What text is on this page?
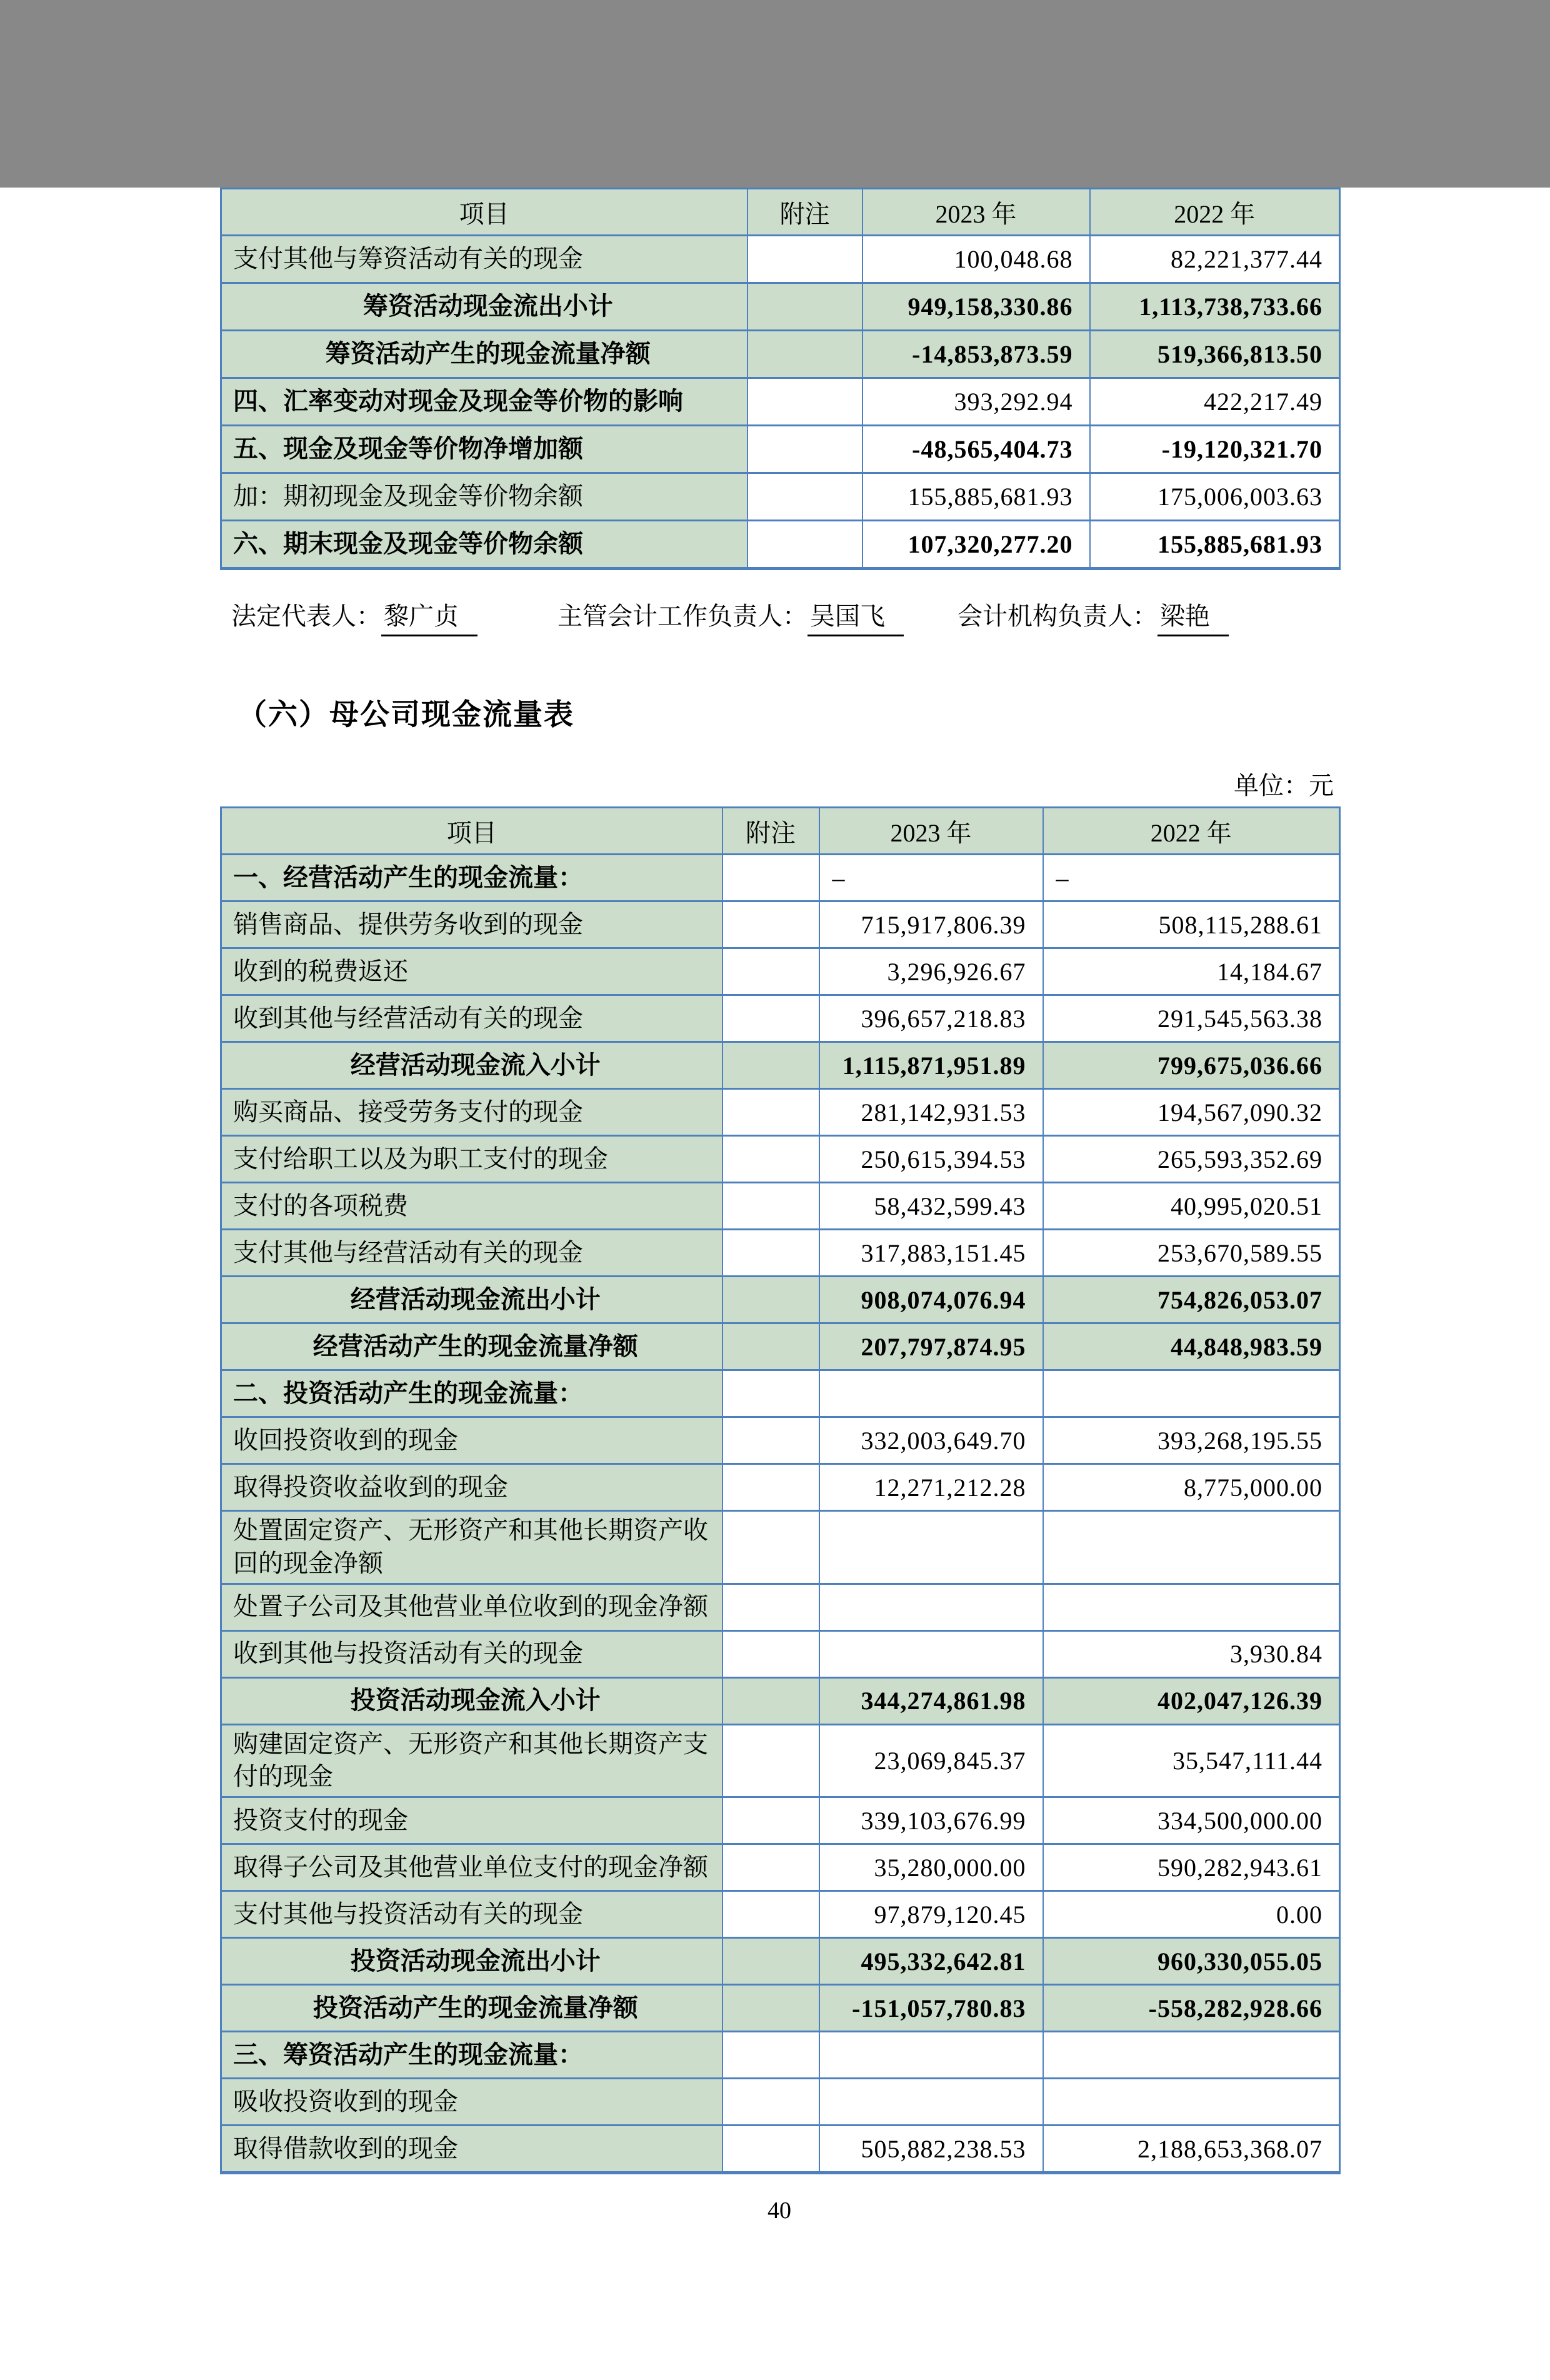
项目	附注	2023 年	2022 年
支付其他与筹资活动有关的现金		100,048.68	82,221,377.44
筹资活动现金流出小计		949,158,330.86	1,113,738,733.66
筹资活动产生的现金流量净额		-14,853,873.59	519,366,813.50
四、汇率变动对现金及现金等价物的影响		393,292.94	422,217.49
五、现金及现金等价物净增加额		-48,565,404.73	-19,120,321.70
加：期初现金及现金等价物余额		155,885,681.93	175,006,003.63
六、期末现金及现金等价物余额		107,320,277.20	155,885,681.93
法定代表人： 黎广贞	主管会计工作负责人： 吴国飞	会计机构负责人： 梁艳
（六）母公司现金流量表
单位：元
项目	附注	2023 年	2022 年
一、经营活动产生的现金流量：		–	–
销售商品、提供劳务收到的现金		715,917,806.39	508,115,288.61
收到的税费返还		3,296,926.67	14,184.67
收到其他与经营活动有关的现金		396,657,218.83	291,545,563.38
经营活动现金流入小计		1,115,871,951.89	799,675,036.66
购买商品、接受劳务支付的现金		281,142,931.53	194,567,090.32
支付给职工以及为职工支付的现金		250,615,394.53	265,593,352.69
支付的各项税费		58,432,599.43	40,995,020.51
支付其他与经营活动有关的现金		317,883,151.45	253,670,589.55
经营活动现金流出小计		908,074,076.94	754,826,053.07
经营活动产生的现金流量净额		207,797,874.95	44,848,983.59
二、投资活动产生的现金流量：			
收回投资收到的现金		332,003,649.70	393,268,195.55
取得投资收益收到的现金		12,271,212.28	8,775,000.00
处置固定资产、无形资产和其他长期资产收回的现金净额			
处置子公司及其他营业单位收到的现金净额			
收到其他与投资活动有关的现金			3,930.84
投资活动现金流入小计		344,274,861.98	402,047,126.39
购建固定资产、无形资产和其他长期资产支付的现金		23,069,845.37	35,547,111.44
投资支付的现金		339,103,676.99	334,500,000.00
取得子公司及其他营业单位支付的现金净额		35,280,000.00	590,282,943.61
支付其他与投资活动有关的现金		97,879,120.45	0.00
投资活动现金流出小计		495,332,642.81	960,330,055.05
投资活动产生的现金流量净额		-151,057,780.83	-558,282,928.66
三、筹资活动产生的现金流量：			
吸收投资收到的现金			
取得借款收到的现金		505,882,238.53	2,188,653,368.07
40
